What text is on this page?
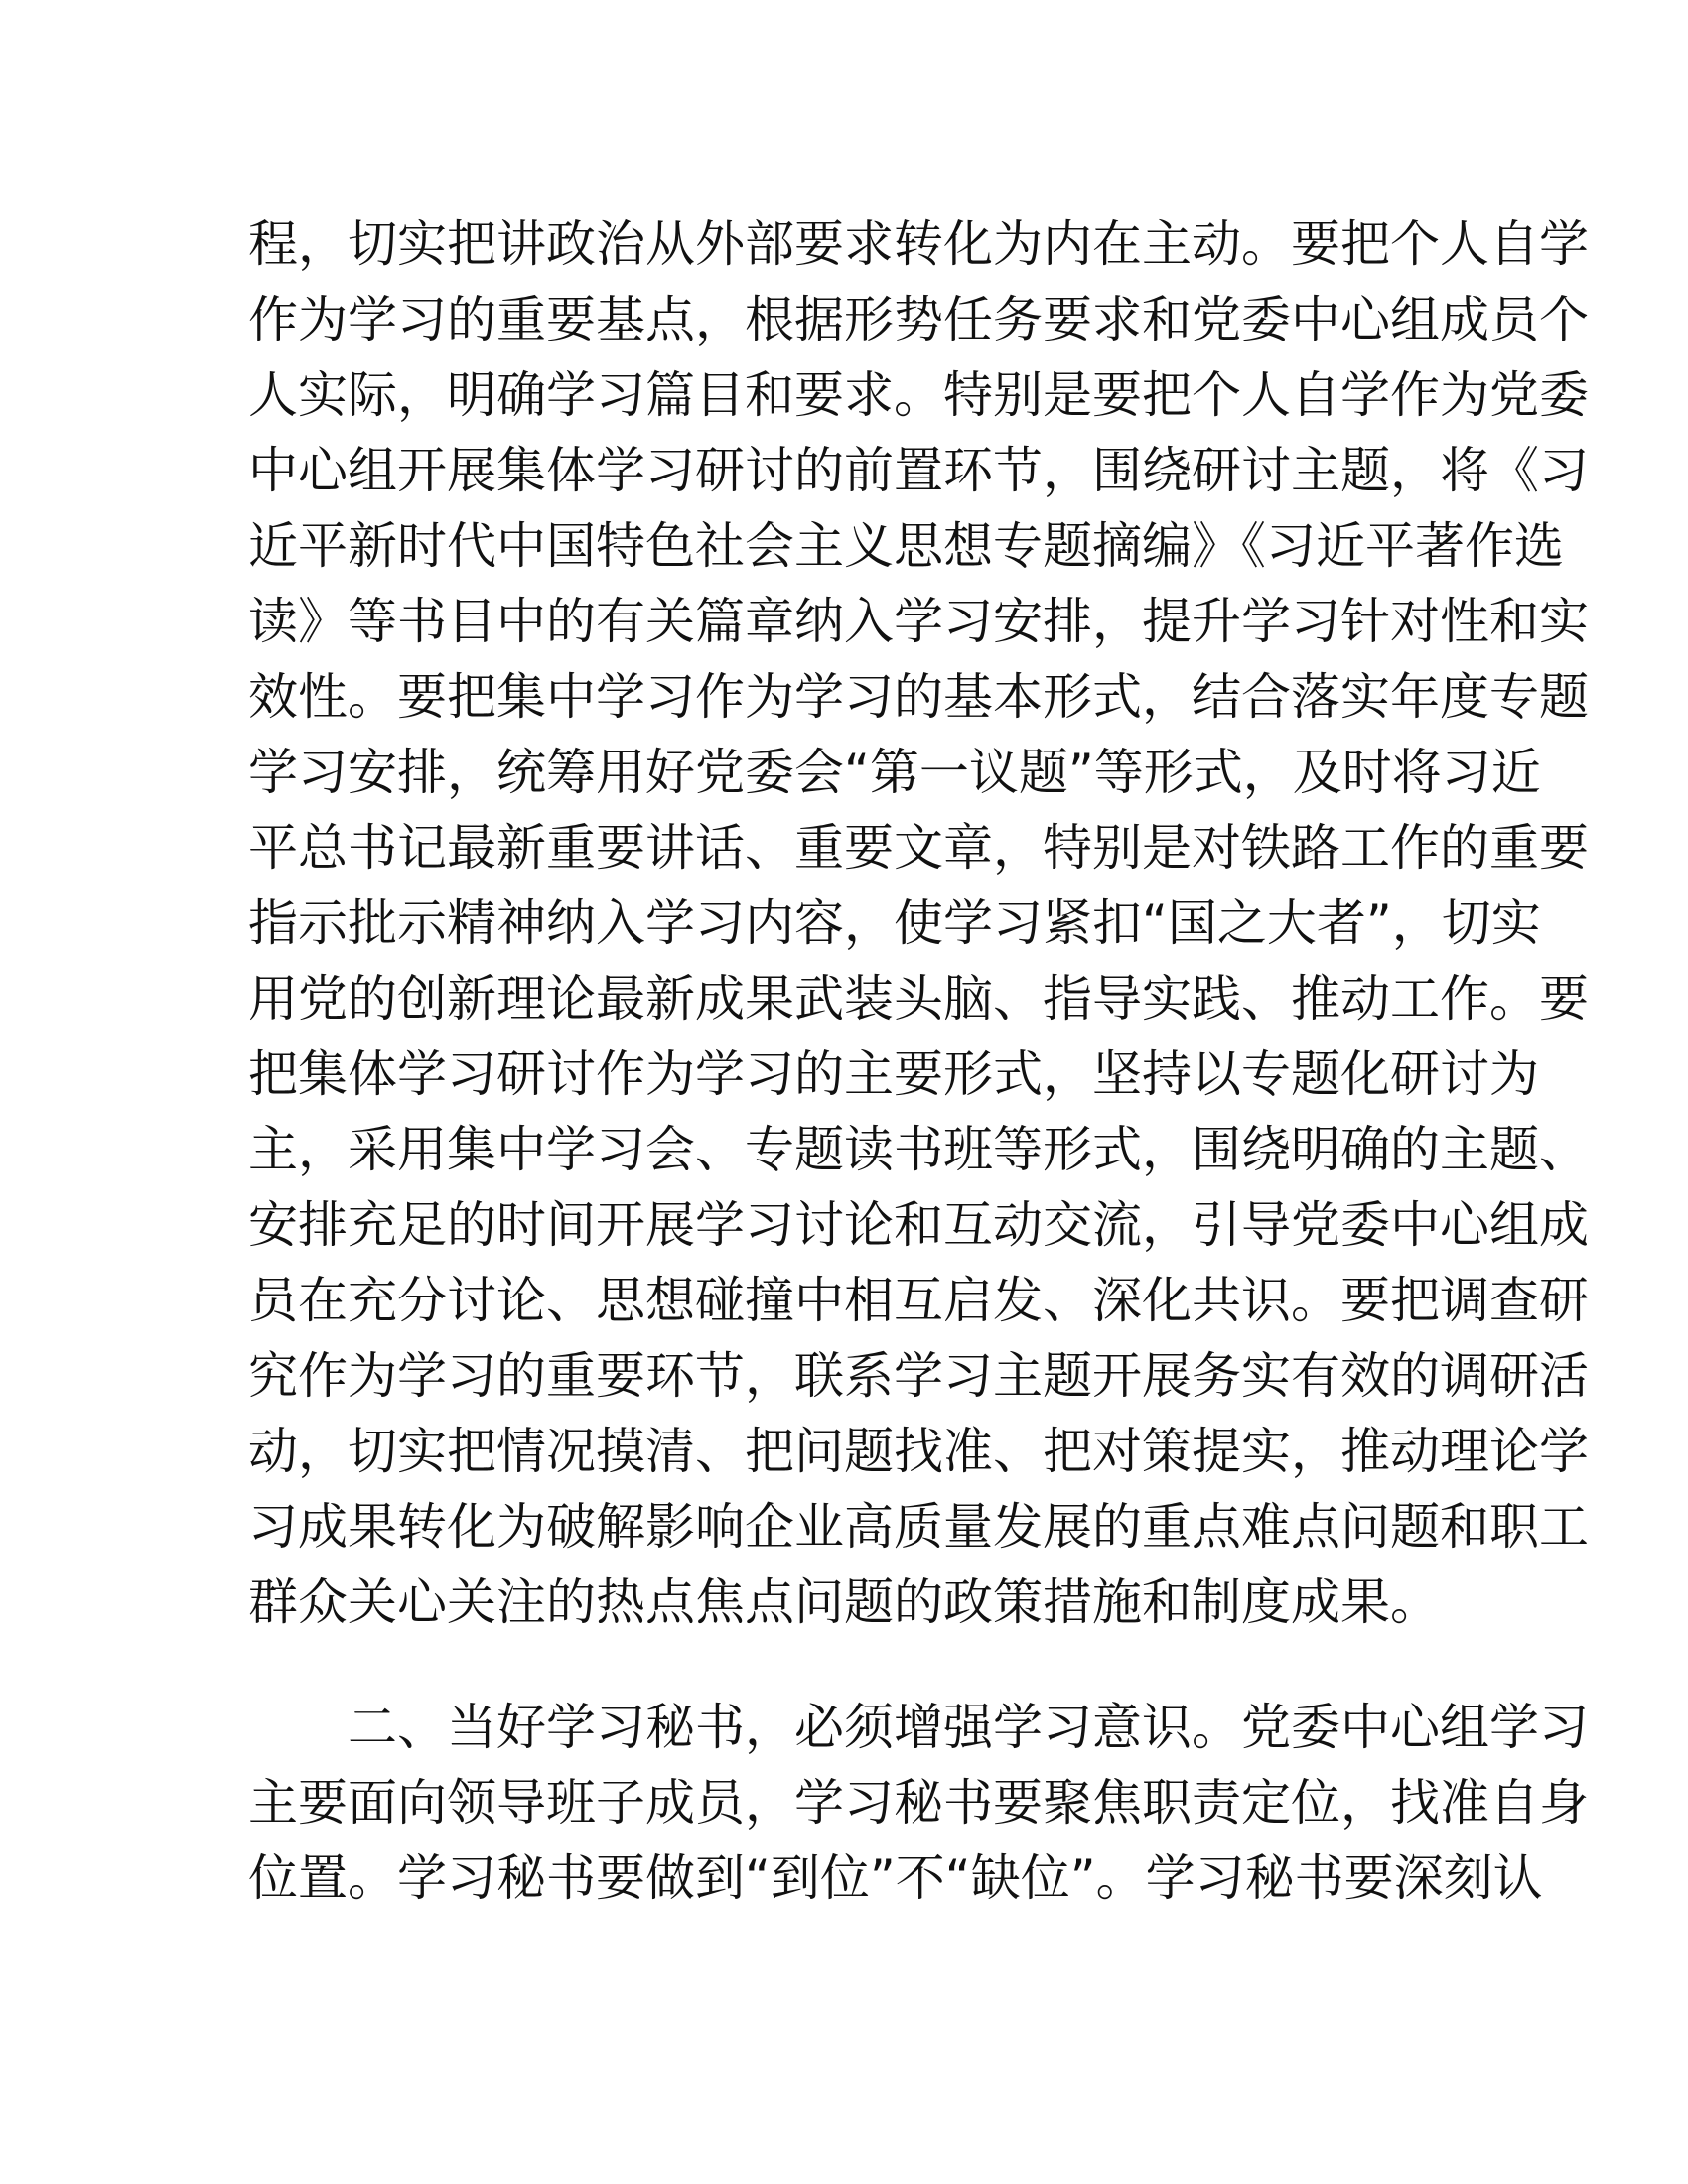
程，切实把讲政治从外部要求转化为内在主动。要把个人自学
作为学习的重要基点，根据形势任务要求和党委中心组成员个
人实际，明确学习篇目和要求。特别是要把个人自学作为党委
中心组开展集体学习研讨的前置环节，围绕研讨主题，将《习
近平新时代中国特色社会主义思想专题摘编》《习近平著作选
读》等书目中的有关篇章纳入学习安排，提升学习针对性和实
效性。要把集中学习作为学习的基本形式，结合落实年度专题
学习安排，统筹用好党委会“第一议题”等形式，及时将习近
平总书记最新重要讲话、重要文章，特别是对铁路工作的重要
指示批示精神纳入学习内容，使学习紧扣“国之大者”，切实
用党的创新理论最新成果武装头脑、指导实践、推动工作。要
把集体学习研讨作为学习的主要形式，坚持以专题化研讨为
主，采用集中学习会、专题读书班等形式，围绕明确的主题、
安排充足的时间开展学习讨论和互动交流，引导党委中心组成
员在充分讨论、思想碰撞中相互启发、深化共识。要把调查研
究作为学习的重要环节，联系学习主题开展务实有效的调研活
动，切实把情况摸清、把问题找准、把对策提实，推动理论学
习成果转化为破解影响企业高质量发展的重点难点问题和职工
群众关心关注的热点焦点问题的政策措施和制度成果。
二、当好学习秘书，必须增强学习意识。党委中心组学习
主要面向领导班子成员，学习秘书要聚焦职责定位，找准自身
位置。学习秘书要做到“到位”不“缺位”。学习秘书要深刻认
